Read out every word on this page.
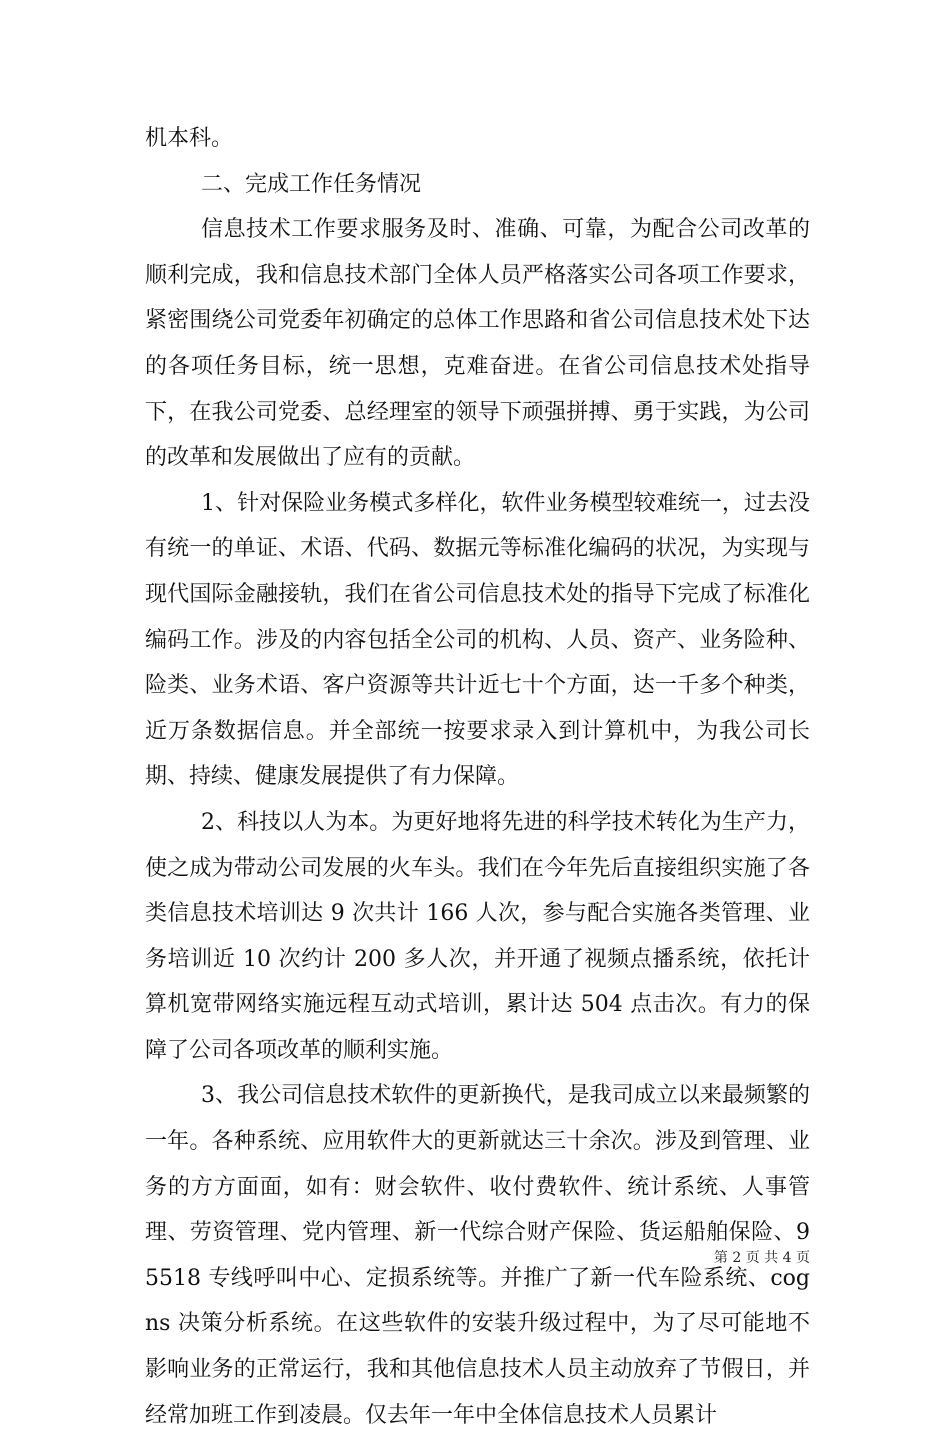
机本科。

二、完成工作任务情况

信息技术工作要求服务及时、准确、可靠，为配合公司改革的顺利完成，我和信息技术部门全体人员严格落实公司各项工作要求，紧密围绕公司党委年初确定的总体工作思路和省公司信息技术处下达的各项任务目标，统一思想，克难奋进。在省公司信息技术处指导下，在我公司党委、总经理室的领导下顽强拼搏、勇于实践，为公司的改革和发展做出了应有的贡献。

1、针对保险业务模式多样化，软件业务模型较难统一，过去没有统一的单证、术语、代码、数据元等标准化编码的状况，为实现与现代国际金融接轨，我们在省公司信息技术处的指导下完成了标准化编码工作。涉及的内容包括全公司的机构、人员、资产、业务险种、险类、业务术语、客户资源等共计近七十个方面，达一千多个种类，近万条数据信息。并全部统一按要求录入到计算机中，为我公司长期、持续、健康发展提供了有力保障。

2、科技以人为本。为更好地将先进的科学技术转化为生产力，使之成为带动公司发展的火车头。我们在今年先后直接组织实施了各类信息技术培训达 9 次共计 166 人次，参与配合实施各类管理、业务培训近 10 次约计 200 多人次，并开通了视频点播系统，依托计算机宽带网络实施远程互动式培训，累计达 504 点击次。有力的保障了公司各项改革的顺利实施。

3、我公司信息技术软件的更新换代，是我司成立以来最频繁的一年。各种系统、应用软件大的更新就达三十余次。涉及到管理、业务的方方面面，如有：财会软件、收付费软件、统计系统、人事管理、劳资管理、党内管理、新一代综合财产保险、货运船舶保险、95518 专线呼叫中心、定损系统等。并推广了新一代车险系统、cogns 决策分析系统。在这些软件的安装升级过程中，为了尽可能地不影响业务的正常运行，我和其他信息技术人员主动放弃了节假日，并经常加班工作到凌晨。仅去年一年中全体信息技术人员累计

第 2 页 共 4 页
